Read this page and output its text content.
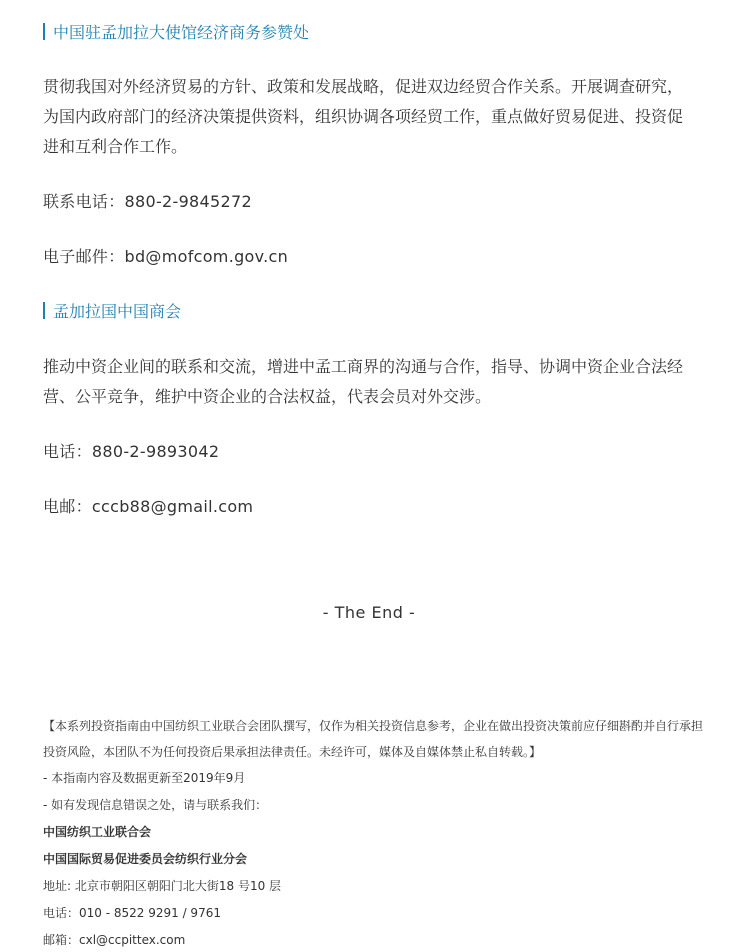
中国驻孟加拉大使馆经济商务参赞处
贯彻我国对外经济贸易的方针、政策和发展战略，促进双边经贸合作关系。开展调查研究，为国内政府部门的经济决策提供资料，组织协调各项经贸工作，重点做好贸易促进、投资促进和互利合作工作。
联系电话：880-2-9845272
电子邮件：bd@mofcom.gov.cn
孟加拉国中国商会
推动中资企业间的联系和交流，增进中孟工商界的沟通与合作，指导、协调中资企业合法经营、公平竞争，维护中资企业的合法权益，代表会员对外交涉。
电话：880-2-9893042
电邮：cccb88@gmail.com
- The End -
【本系列投资指南由中国纺织工业联合会团队撰写，仅作为相关投资信息参考，企业在做出投资决策前应仔细斟酌并自行承担投资风险，本团队不为任何投资后果承担法律责任。未经许可，媒体及自媒体禁止私自转载。】
- 本指南内容及数据更新至2019年9月
- 如有发现信息错误之处，请与联系我们：
中国纺织工业联合会
中国国际贸易促进委员会纺织行业分会
地址: 北京市朝阳区朝阳门北大街18 号10 层
电话：010 - 8522 9291 / 9761
邮箱：cxl@ccpittex.com
